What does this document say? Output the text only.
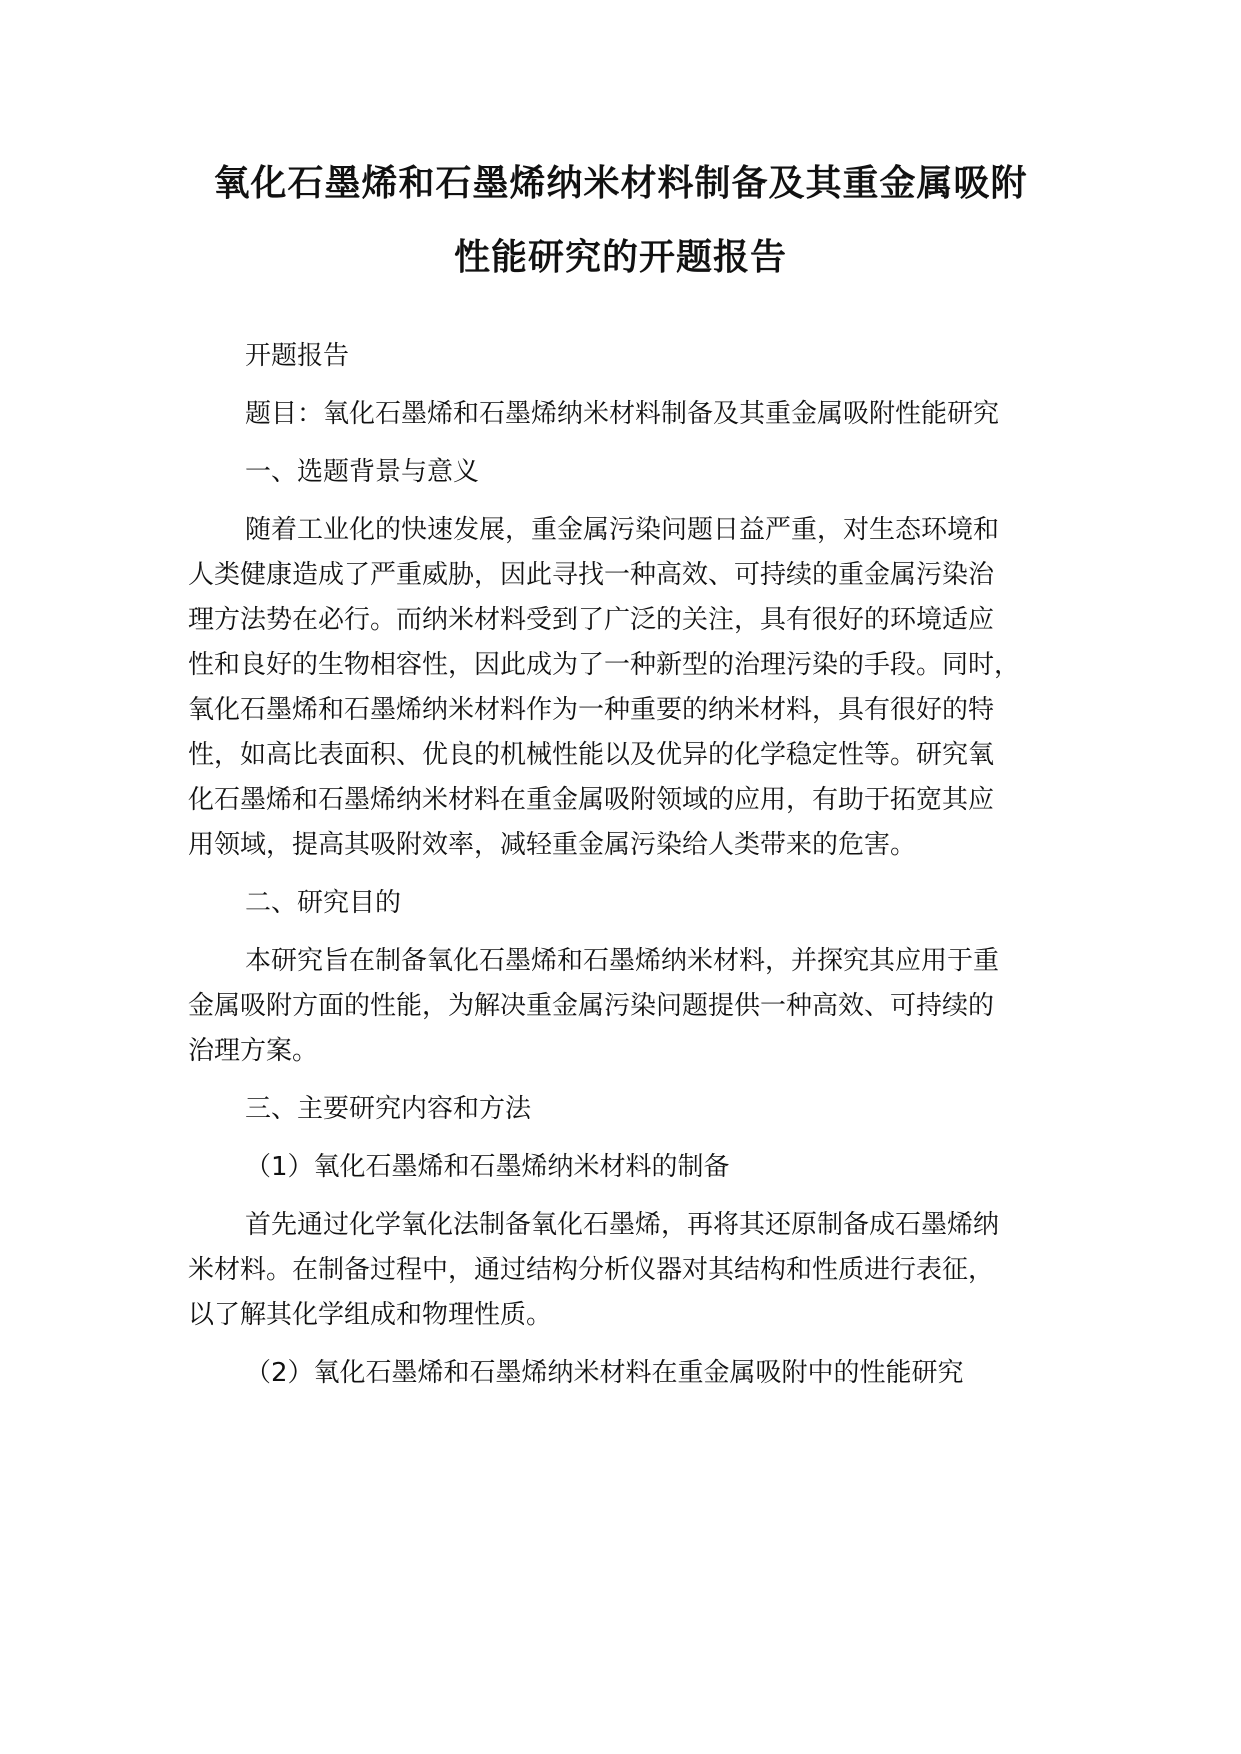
氧化石墨烯和石墨烯纳米材料制备及其重金属吸附
性能研究的开题报告
开题报告
题目：氧化石墨烯和石墨烯纳米材料制备及其重金属吸附性能研究
一、选题背景与意义
随着工业化的快速发展，重金属污染问题日益严重，对生态环境和
人类健康造成了严重威胁，因此寻找一种高效、可持续的重金属污染治
理方法势在必行。而纳米材料受到了广泛的关注，具有很好的环境适应
性和良好的生物相容性，因此成为了一种新型的治理污染的手段。同时，
氧化石墨烯和石墨烯纳米材料作为一种重要的纳米材料，具有很好的特
性，如高比表面积、优良的机械性能以及优异的化学稳定性等。研究氧
化石墨烯和石墨烯纳米材料在重金属吸附领域的应用，有助于拓宽其应
用领域，提高其吸附效率，减轻重金属污染给人类带来的危害。
二、研究目的
本研究旨在制备氧化石墨烯和石墨烯纳米材料，并探究其应用于重
金属吸附方面的性能，为解决重金属污染问题提供一种高效、可持续的
治理方案。
三、主要研究内容和方法
（1）氧化石墨烯和石墨烯纳米材料的制备
首先通过化学氧化法制备氧化石墨烯，再将其还原制备成石墨烯纳
米材料。在制备过程中，通过结构分析仪器对其结构和性质进行表征，
以了解其化学组成和物理性质。
（2）氧化石墨烯和石墨烯纳米材料在重金属吸附中的性能研究
